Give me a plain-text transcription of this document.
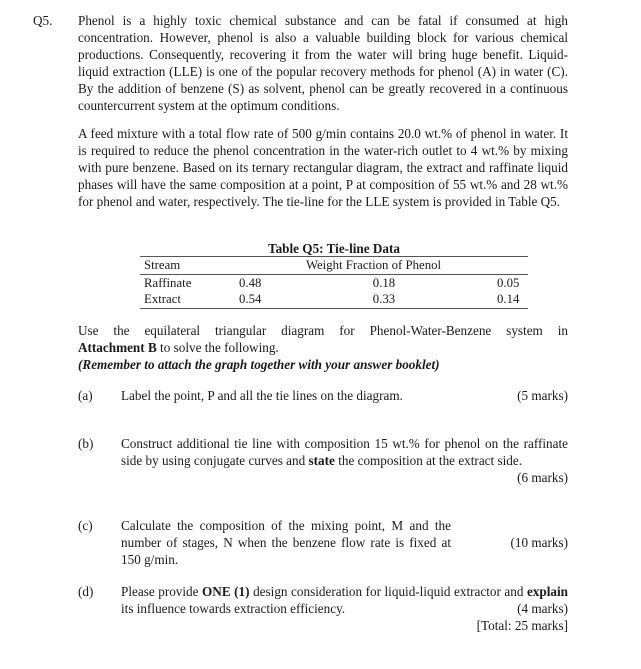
Q5. Phenol is a highly toxic chemical substance and can be fatal if consumed at high concentration. However, phenol is also a valuable building block for various chemical productions. Consequently, recovering it from the water will bring huge benefit. Liquid-liquid extraction (LLE) is one of the popular recovery methods for phenol (A) in water (C). By the addition of benzene (S) as solvent, phenol can be greatly recovered in a continuous countercurrent system at the optimum conditions.
A feed mixture with a total flow rate of 500 g/min contains 20.0 wt.% of phenol in water. It is required to reduce the phenol concentration in the water-rich outlet to 4 wt.% by mixing with pure benzene. Based on its ternary rectangular diagram, the extract and raffinate liquid phases will have the same composition at a point, P at composition of 55 wt.% and 28 wt.% for phenol and water, respectively. The tie-line for the LLE system is provided in Table Q5.
Table Q5: Tie-line Data
Stream	Weight Fraction of Phenol		
Raffinate	0.48	0.18	0.05
Extract	0.54	0.33	0.14
Use the equilateral triangular diagram for Phenol-Water-Benzene system in
Attachment B to solve the following.
(Remember to attach the graph together with your answer booklet)
(a) Label the point, P and all the tie lines on the diagram.	(5 marks)
(b) Construct additional tie line with composition 15 wt.% for phenol on the raffinate side by using conjugate curves and state the composition at the extract side.
(6 marks)
(c) Calculate the composition of the mixing point, M and the number of stages, N when the benzene flow rate is fixed at 150 g/min.
(10 marks)
(d) Please provide ONE (1) design consideration for liquid-liquid extractor and explain its influence towards extraction efficiency.	(4 marks)
[Total: 25 marks]
